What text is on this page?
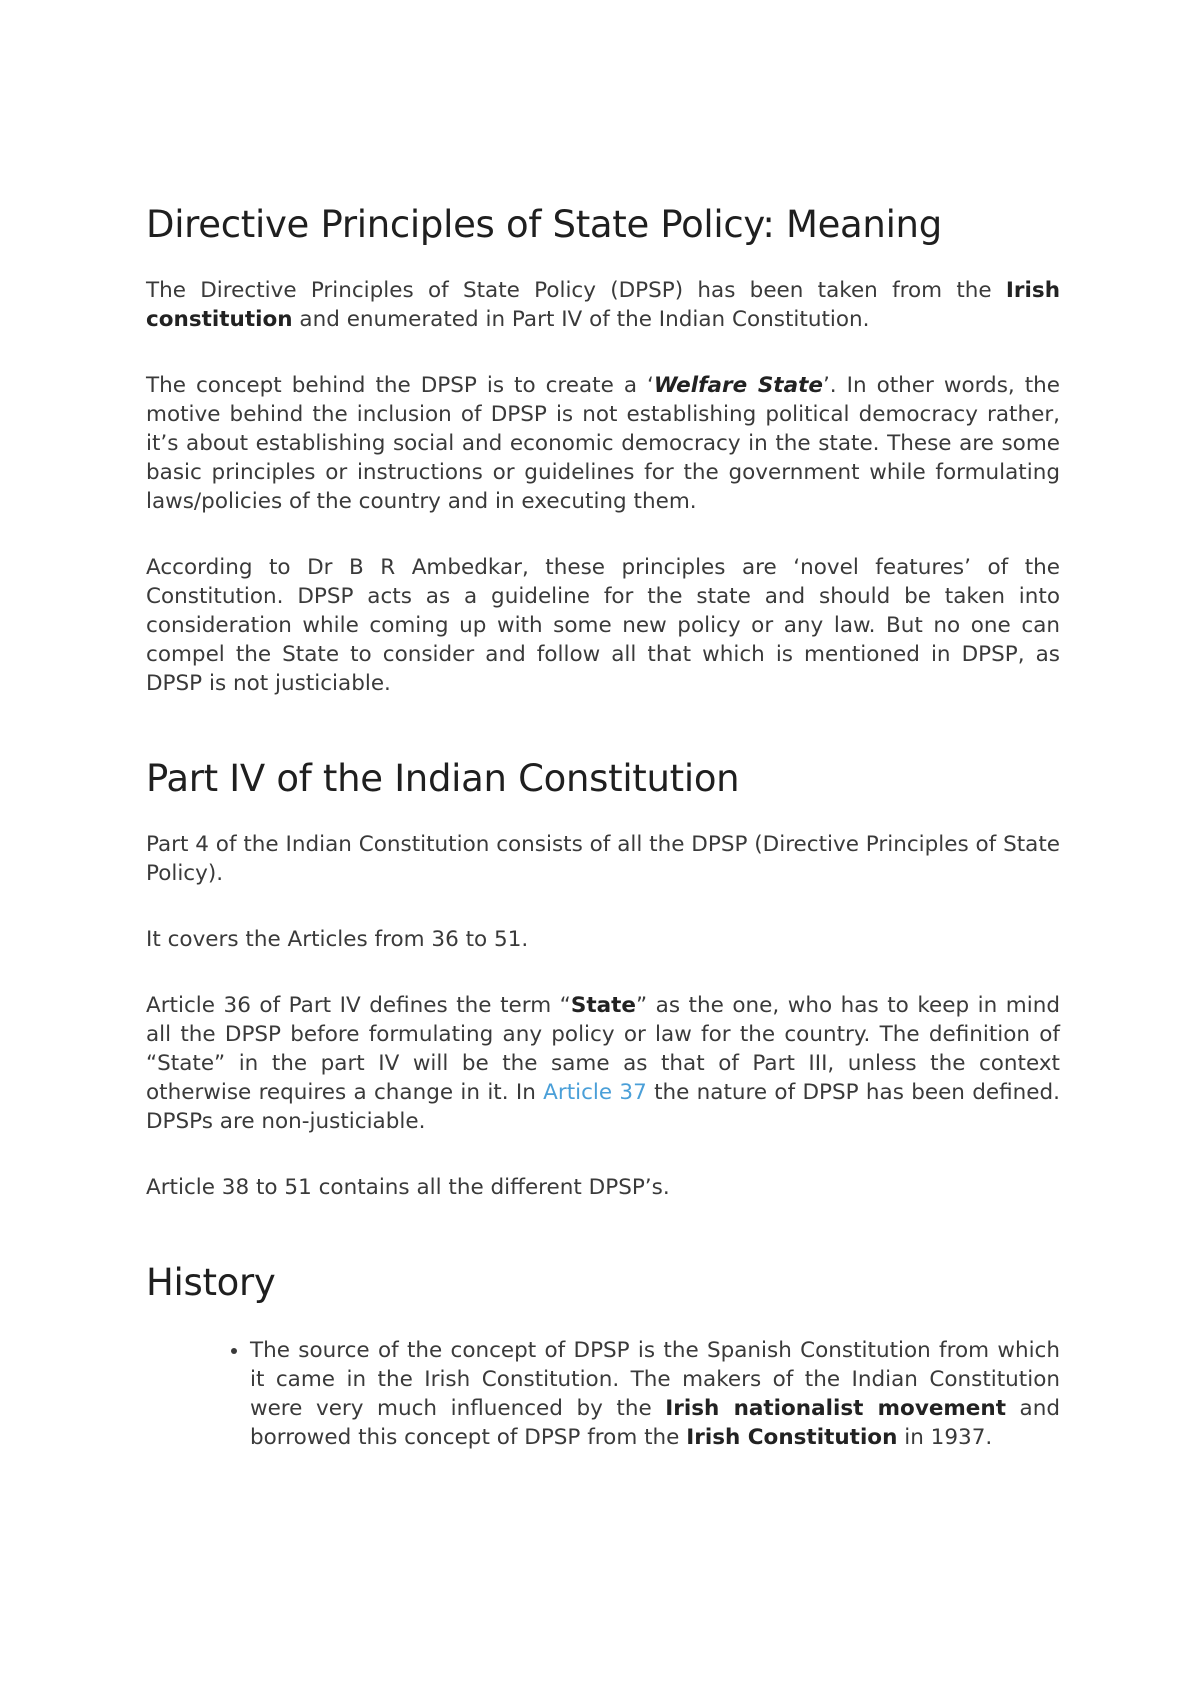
Directive Principles of State Policy: Meaning

The Directive Principles of State Policy (DPSP) has been taken from the Irish constitution and enumerated in Part IV of the Indian Constitution.

The concept behind the DPSP is to create a ‘Welfare State’. In other words, the motive behind the inclusion of DPSP is not establishing political democracy rather, it’s about establishing social and economic democracy in the state. These are some basic principles or instructions or guidelines for the government while formulating laws/policies of the country and in executing them.

According to Dr B R Ambedkar, these principles are ‘novel features’ of the Constitution. DPSP acts as a guideline for the state and should be taken into consideration while coming up with some new policy or any law. But no one can compel the State to consider and follow all that which is mentioned in DPSP, as DPSP is not justiciable.

Part IV of the Indian Constitution

Part 4 of the Indian Constitution consists of all the DPSP (Directive Principles of State Policy).

It covers the Articles from 36 to 51.

Article 36 of Part IV defines the term “State” as the one, who has to keep in mind all the DPSP before formulating any policy or law for the country. The definition of “State” in the part IV will be the same as that of Part III, unless the context otherwise requires a change in it. In Article 37 the nature of DPSP has been defined. DPSPs are non-justiciable.

Article 38 to 51 contains all the different DPSP’s.

History
• The source of the concept of DPSP is the Spanish Constitution from which it came in the Irish Constitution. The makers of the Indian Constitution were very much influenced by the Irish nationalist movement and borrowed this concept of DPSP from the Irish Constitution in 1937.
